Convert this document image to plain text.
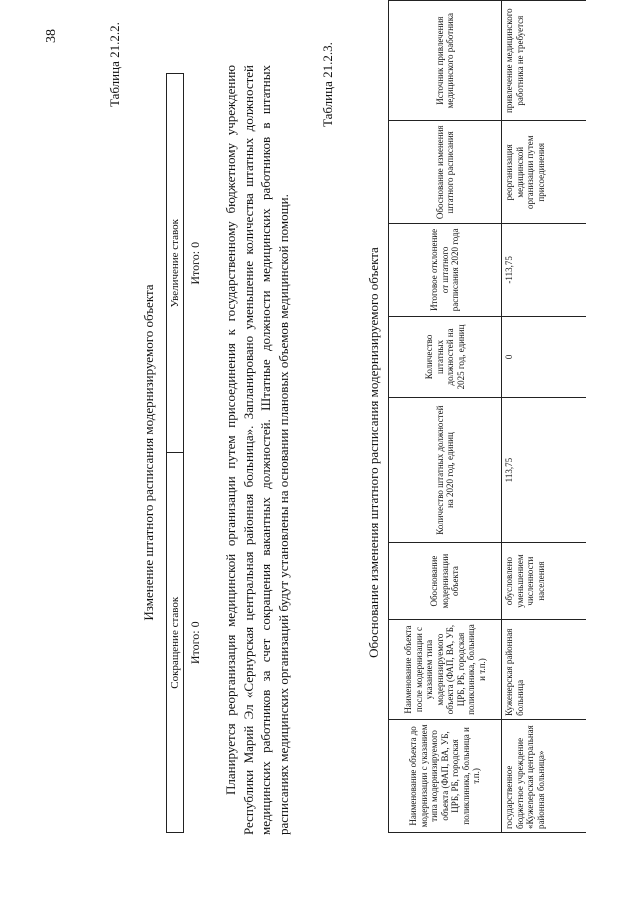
38	Таблица 21.2.2.
Изменение штатного расписания модернизируемого объекта
Сокращение ставок	Увеличение ставок
Итого: 0	Итого: 0 Планируется реорганизация медицинской организации путем присоединения к государственному бюджетному учреждению Республики Марий Эл «Сернурская центральная районная больница». Запланировано уменьшение количества штатных должностей медицинских работников за счет сокращения вакантных должностей. Штатные должности медицинских работников в штатных расписаниях медицинских организаций будут установлены на основании плановых объемов медицинской помощи.
Таблица 21.2.3.
Обоснование изменения штатного расписания модернизируемого объекта
Наименование объекта до модернизации с указанием типа модернизируемого объекта (ФАП, ВА, УБ, ЦРБ, РБ, городская поликлиника, больница и т.п.)	Наименование объекта после модернизации с указанием типа модернизируемого объекта (ФАП, ВА, УБ, ЦРБ, РБ, городская поликлиника, больница и т.п.)	Обоснование модернизации объекта	Количество штатных должностей на 2020 год, единиц	Количество штатных должностей на 2025 год, единиц	Итоговое отклонение от штатного расписания 2020 года	Обоснование изменения штатного расписания	Источник привлечения медицинского работника
государственное бюджетное учреждение «Кужenерская центральная районная больница»	Куженерская районная больница	обусловлено уменьшением численности населения	113,75	0	-113,75	реорганизация медицинской организации путем присоединения	привлечение медицинского работника не требуется
